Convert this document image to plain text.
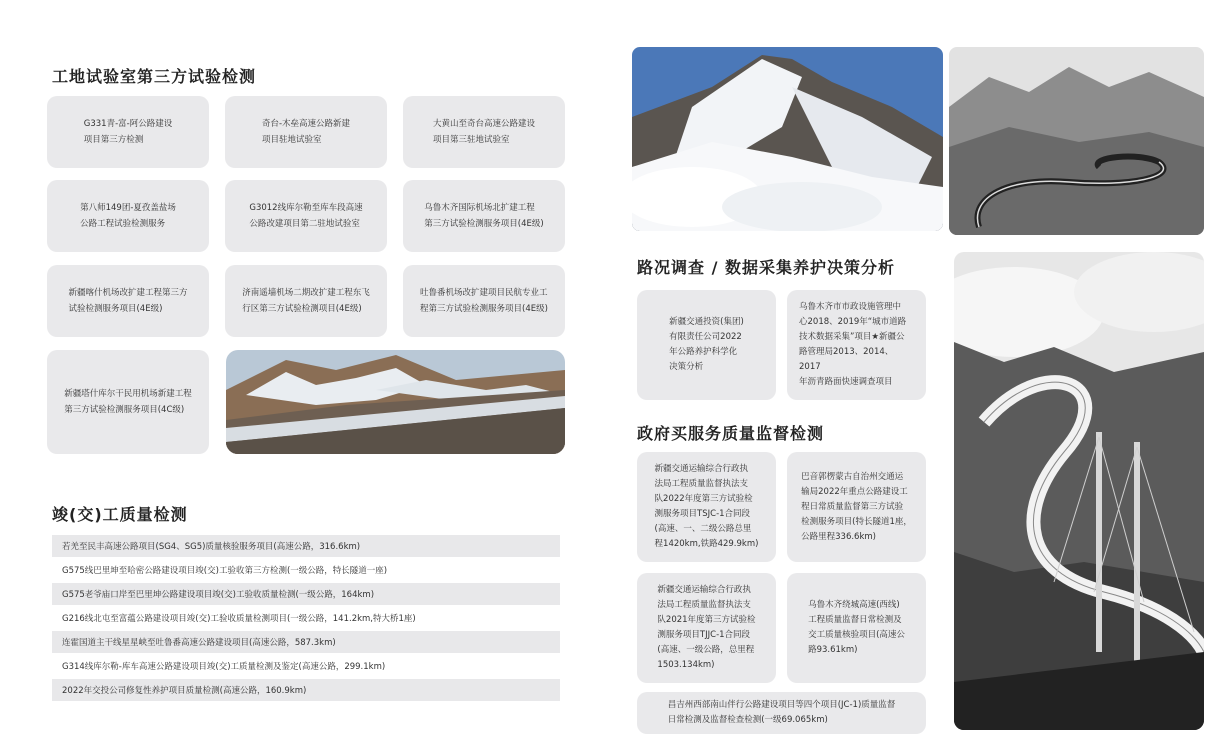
工地试验室第三方试验检测
G331青-富-阿公路建设
项目第三方检测
奇台-木垒高速公路新建
项目驻地试验室
大黄山至奇台高速公路建设
项目第三驻地试验室
第八师149团-夏孜盖盐场
公路工程试验检测服务
G3012线库尔勒至库车段高速
公路改建项目第二驻地试验室
乌鲁木齐国际机场北扩建工程
第三方试验检测服务项目(4E级)
新疆喀什机场改扩建工程第三方
试验检测服务项目(4E级)
济南遥墙机场二期改扩建工程东飞
行区第三方试验检测项目(4E级)
吐鲁番机场改扩建项目民航专业工
程第三方试验检测服务项目(4E级)
新疆塔什库尔干民用机场新建工程
第三方试验检测服务项目(4C级)
竣(交)工质量检测
若羌至民丰高速公路项目(SG4、SG5)质量核验服务项目(高速公路，316.6km)
G575线巴里坤至哈密公路建设项目竣(交)工验收第三方检测(一级公路，特长隧道一座)
G575老爷庙口岸至巴里坤公路建设项目竣(交)工验收质量检测(一级公路，164km)
G216线北屯至富蕴公路建设项目竣(交)工验收质量检测项目(一级公路，141.2km,特大桥1座)
连霍国道主干线星星峡至吐鲁番高速公路建设项目(高速公路，587.3km)
G314线库尔勒-库车高速公路建设项目竣(交)工质量检测及鉴定(高速公路，299.1km)
2022年交投公司修复性养护项目质量检测(高速公路，160.9km)
路况调查 / 数据采集养护决策分析
新疆交通投资(集团)
有限责任公司2022
年公路养护科学化
决策分析
乌鲁木齐市市政设施管理中
心2018、2019年“城市道路
技术数据采集”项目★新疆公
路管理局2013、2014、2017
年沥青路面快速调查项目
政府买服务质量监督检测
新疆交通运输综合行政执
法局工程质量监督执法支
队2022年度第三方试验检
测服务项目TSJC-1合同段
(高速、一、二级公路总里
程1420km,铁路429.9km)
巴音郭楞蒙古自治州交通运
输局2022年重点公路建设工
程日常质量监督第三方试验
检测服务项目(特长隧道1座，
公路里程336.6km)
新疆交通运输综合行政执
法局工程质量监督执法支
队2021年度第三方试验检
测服务项目TJJC-1合同段
(高速、一级公路，总里程
1503.134km)
乌鲁木齐绕城高速(西线)
工程质量监督日常检测及
交工质量核验项目(高速公
路93.61km)
昌吉州西部南山伴行公路建设项目等四个项目(JC-1)质量监督
日常检测及监督检查检测(一级69.065km)
